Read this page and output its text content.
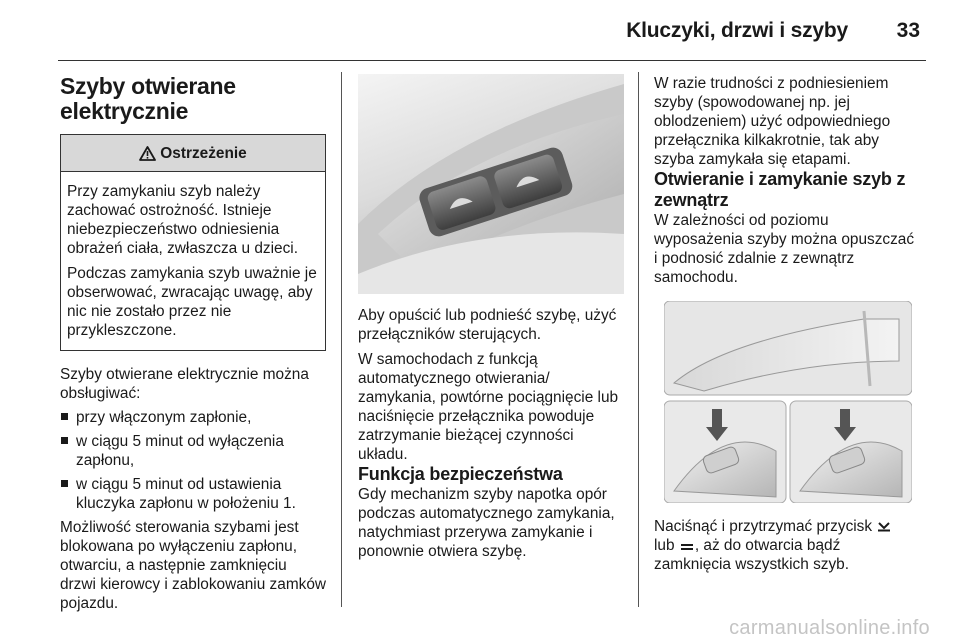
Kluczyki, drzwi i szyby 33
Szyby otwierane elektrycznie
Ostrzeżenie

Przy zamykaniu szyb należy zachować ostrożność. Istnieje niebezpieczeństwo odniesienia obrażeń ciała, zwłaszcza u dzieci.

Podczas zamykania szyb uważnie je obserwować, zwracając uwagę, aby nic nie zostało przez nie przykleszczone.

Szyby otwierane elektrycznie można obsługiwać:

przy włączonym zapłonie,
w ciągu 5 minut od wyłączenia zapłonu,
w ciągu 5 minut od ustawienia kluczyka zapłonu w położeniu 1.

Możliwość sterowania szybami jest blokowana po wyłączeniu zapłonu, otwarciu, a następnie zamknięciu drzwi kierowcy i zablokowaniu zamków pojazdu.

Aby opuścić lub podnieść szybę, użyć przełączników sterujących.

W samochodach z funkcją automatycznego otwierania/ zamykania, powtórne pociągnięcie lub naciśnięcie przełącznika powoduje zatrzymanie bieżącej czynności układu.

Funkcja bezpieczeństwa

Gdy mechanizm szyby napotka opór podczas automatycznego zamykania, natychmiast przerywa zamykanie i ponownie otwiera szybę.

W razie trudności z podniesieniem szyby (spowodowanej np. jej oblodzeniem) użyć odpowiedniego przełącznika kilkakrotnie, tak aby szyba zamykała się etapami.

Otwieranie i zamykanie szyb z zewnątrz

W zależności od poziomu wyposażenia szyby można opuszczać i podnosić zdalnie z zewnątrz samochodu.

Naciśnąć i przytrzymać przycisk
lub , aż do otwarcia bądź zamknięcia wszystkich szyb.

carmanualsonline.info
